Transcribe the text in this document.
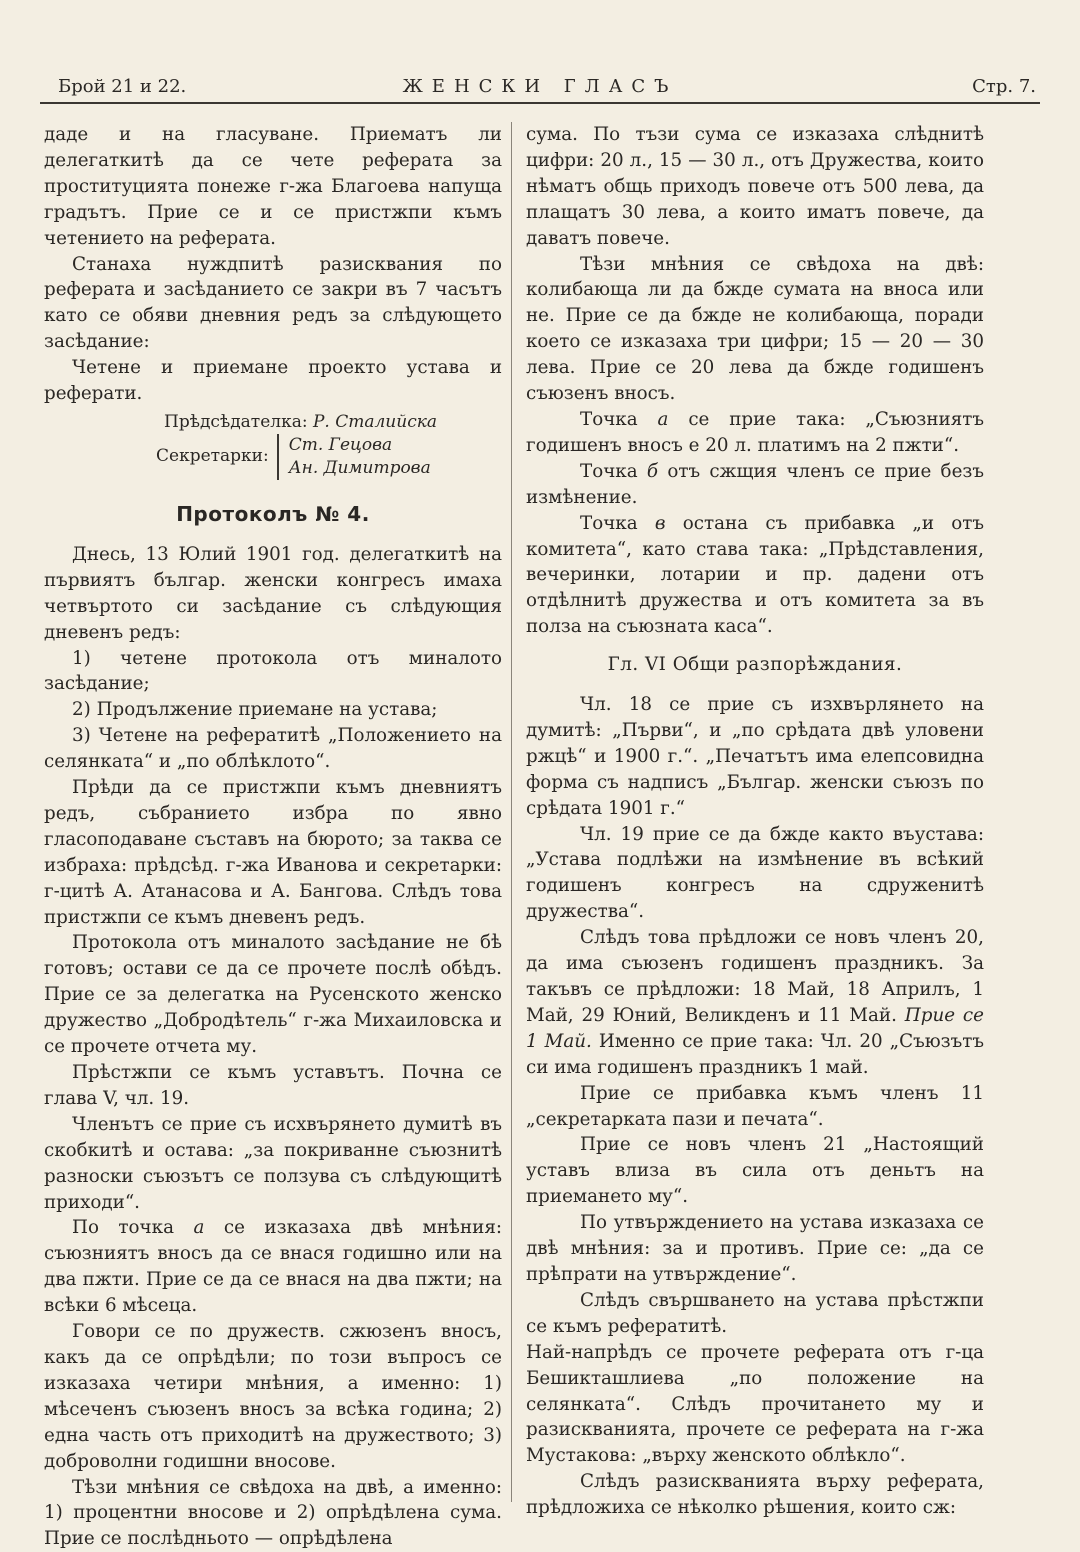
Брой 21 и 22.	ЖЕНСКИ ГЛАСЪ	Стр. 7.

даде и на гласуване. Приематъ ли делегаткитѣ да се чете реферата за проституцията понеже г-жа Благоева напуща градътъ. Прие се и се пристжпи къмъ четението на реферата.

Станаха нуждпитѣ разисквания по реферата и засѣданието се закри въ 7 часътъ като се обяви дневния редъ за слѣдующето засѣдание:

Четене и приемане проекто устава и реферати.

Прѣдсѣдателка: Р. Сталийска
Секретарки:
Ст. Гецова
Ан. Димитрова
Протоколъ № 4.

Днесь, 13 Юлий 1901 год. делегаткитѣ на първиятъ българ. женски конгресъ имаха четвъртото си засѣдание съ слѣдующия дневенъ редъ:

1) четене протокола отъ миналото засѣдание;

2) Продължение приемане на устава;

3) Четене на рефератитѣ „Положението на селянката“ и „по облѣклото“.

Прѣди да се пристжпи къмъ дневниятъ редъ, събранието избра по явно гласоподаване съставъ на бюрото; за таква се избраха: прѣдсѣд. г-жа Иванова и секретарки: г-цитѣ А. Атанасова и А. Бангова. Слѣдъ това пристжпи се къмъ дневенъ редъ.

Протокола отъ миналото засѣдание не бѣ готовъ; остави се да се прочете послѣ обѣдъ. Прие се за делегатка на Русенското женско дружество „Добродѣтель“ г-жа Михаиловска и се прочете отчета му.

Прѣстжпи се къмъ уставътъ. Почна се глава V, чл. 19.

Членътъ се прие съ исхвърянето думитѣ въ скобкитѣ и остава: „за покриванне съюзнитѣ разноски съюзътъ се ползува съ слѣдующитѣ приходи“.

По точка а се изказаха двѣ мнѣния: съюзниятъ вносъ да се внася годишно или на два пжти. Прие се да се внася на два пжти; на всѣки 6 мѣсеца.

Говори се по дружеств. сжюзенъ вносъ, какъ да се опрѣдѣли; по този въпросъ се изказаха четири мнѣния, а именно: 1) мѣсеченъ съюзенъ вносъ за всѣка година; 2) една часть отъ приходитѣ на дружеството; 3) доброволни годишни вносове.

Тѣзи мнѣния се свѣдоха на двѣ, а именно: 1) процентни вносове и 2) опрѣдѣлена сума. Прие се послѣдньото — опрѣдѣлена

сума. По тъзи сума се изказаха слѣднитѣ цифри: 20 л., 15 — 30 л., отъ Дружества, които нѣматъ общь приходъ повече отъ 500 лева, да плащатъ 30 лева, а които иматъ повече, да даватъ повече.

Тѣзи мнѣния се свѣдоха на двѣ: колибающа ли да бжде сумата на вноса или не. Прие се да бжде не колибающа, поради което се изказаха три цифри; 15 — 20 — 30 лева. Прие се 20 лева да бжде годишенъ съюзенъ вносъ.

Точка а се прие така: „Съюзниятъ годишенъ вносъ е 20 л. платимъ на 2 пжти“.

Точка б отъ сжщия членъ се прие безъ измѣнение.

Точка в остана съ прибавка „и отъ комитета“, като става така: „Прѣдставления, вечеринки, лотарии и пр. дадени отъ отдѣлнитѣ дружества и отъ комитета за въ полза на съюзната каса“.

Гл. VI Общи разпорѣждания.

Чл. 18 се прие съ изхвърлянето на думитѣ: „Първи“, и „по срѣдата двѣ уловени ржцѣ“ и 1900 г.“. „Печатътъ има елепсовидна форма съ надписъ „Българ. женски съюзъ по срѣдата 1901 г.“

Чл. 19 прие се да бжде както въустава: „Устава подлѣжи на измѣнение въ всѣкий годишенъ конгресъ на сдруженитѣ дружества“.

Слѣдъ това прѣдложи се новъ членъ 20, да има съюзенъ годишенъ праздникъ. За такъвъ се прѣдложи: 18 Май, 18 Априлъ, 1 Май, 29 Юний, Великденъ и 11 Май. Прие се 1 Май. Именно се прие така: Чл. 20 „Съюзътъ си има годишенъ праздникъ 1 май.

Прие се прибавка къмъ членъ 11 „секретарката пази и печата“.

Прие се новъ членъ 21 „Настоящий уставъ влиза въ сила отъ деньтъ на приемането му“.

По утвърждението на устава изказаха се двѣ мнѣния: за и противъ. Прие се: „да се прѣпрати на утвърждение“.

Слѣдъ свършването на устава прѣстжпи се къмъ рефератитѣ.

Най-напрѣдъ се прочете реферата отъ г-ца Бешикташлиева „по положение на селянката“. Слѣдъ прочитането му и разискванията, прочете се реферата на г-жа Мустакова: „върху женското облѣкло“.

Слѣдъ разискванията върху реферата, прѣдложиха се нѣколко рѣшения, които сж:
